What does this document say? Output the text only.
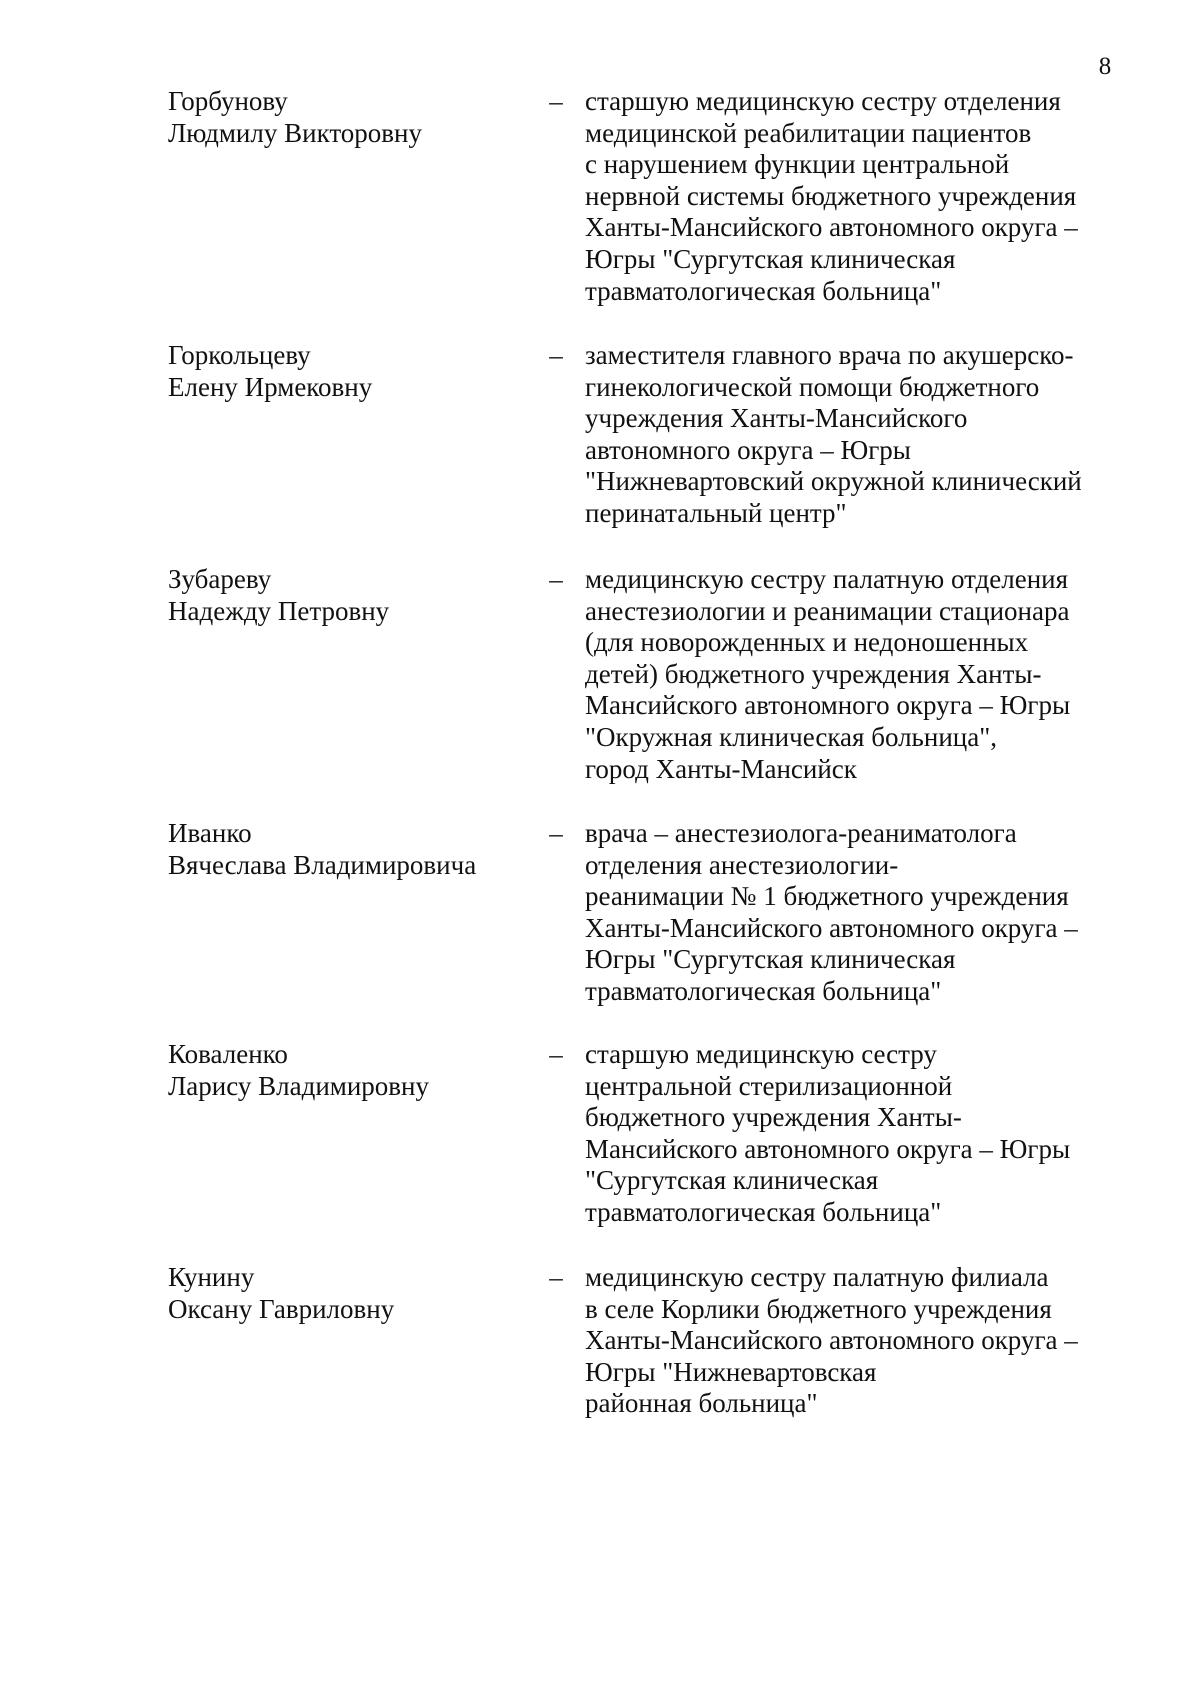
8
Горбунову
Людмилу Викторовну
– старшую медицинскую сестру отделения
медицинской реабилитации пациентов
с нарушением функции центральной
нервной системы бюджетного учреждения
Ханты-Мансийского автономного округа –
Югры "Сургутская клиническая
травматологическая больница"
Горкольцеву
Елену Ирмековну
– заместителя главного врача по акушерско-
гинекологической помощи бюджетного
учреждения Ханты-Мансийского
автономного округа – Югры
"Нижневартовский окружной клинический
перинатальный центр"
Зубареву
Надежду Петровну
– медицинскую сестру палатную отделения
анестезиологии и реанимации стационара
(для новорожденных и недоношенных
детей) бюджетного учреждения Ханты-
Мансийского автономного округа – Югры
"Окружная клиническая больница",
город Ханты-Мансийск
Иванко
Вячеслава Владимировича
– врача – анестезиолога-реаниматолога
отделения анестезиологии-
реанимации № 1 бюджетного учреждения
Ханты-Мансийского автономного округа –
Югры "Сургутская клиническая
травматологическая больница"
Коваленко
Ларису Владимировну
– старшую медицинскую сестру
центральной стерилизационной
бюджетного учреждения Ханты-
Мансийского автономного округа – Югры
"Сургутская клиническая
травматологическая больница"
Кунину
Оксану Гавриловну
– медицинскую сестру палатную филиала
в селе Корлики бюджетного учреждения
Ханты-Мансийского автономного округа –
Югры "Нижневартовская
районная больница"
